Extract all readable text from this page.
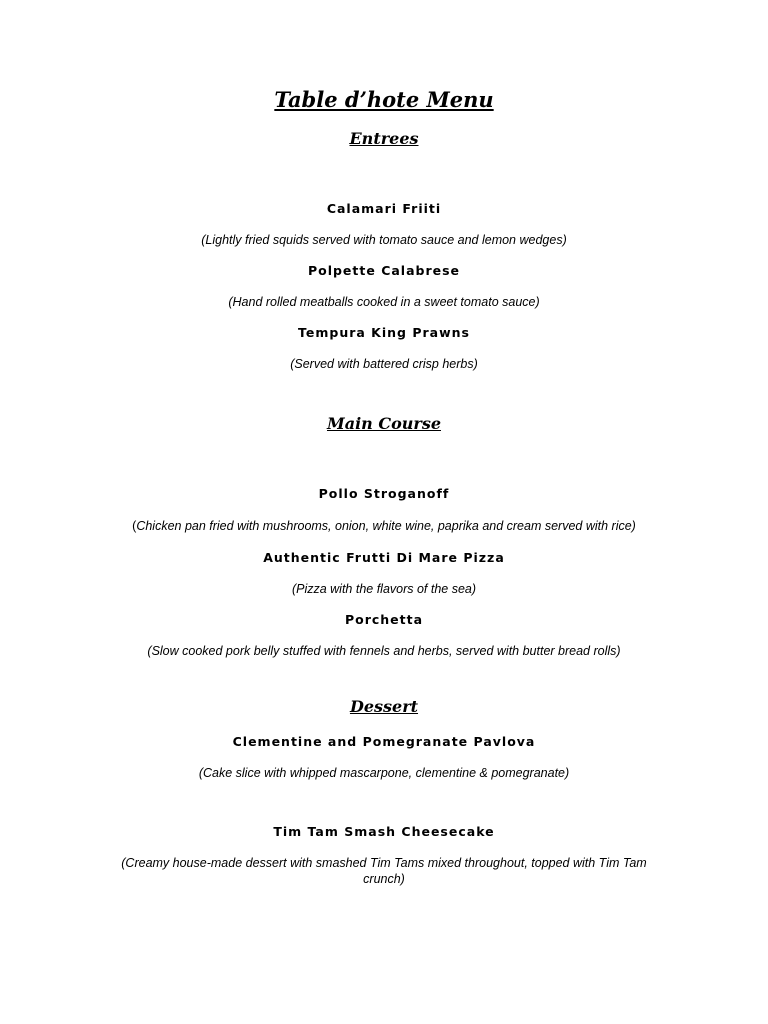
Table d’hote Menu
Entrees
Calamari Friiti
(Lightly fried squids served with tomato sauce and lemon wedges)
Polpette Calabrese
(Hand rolled meatballs cooked in a sweet tomato sauce)
Tempura King Prawns
(Served with battered crisp herbs)
Main Course
Pollo Stroganoff
(Chicken pan fried with mushrooms, onion, white wine, paprika and cream served with rice)
Authentic Frutti Di Mare Pizza
(Pizza with the flavors of the sea)
Porchetta
(Slow cooked pork belly stuffed with fennels and herbs, served with butter bread rolls)
Dessert
Clementine and Pomegranate Pavlova
(Cake slice with whipped mascarpone, clementine & pomegranate)
Tim Tam Smash Cheesecake
(Creamy house-made dessert with smashed Tim Tams mixed throughout, topped with Tim Tam crunch)
